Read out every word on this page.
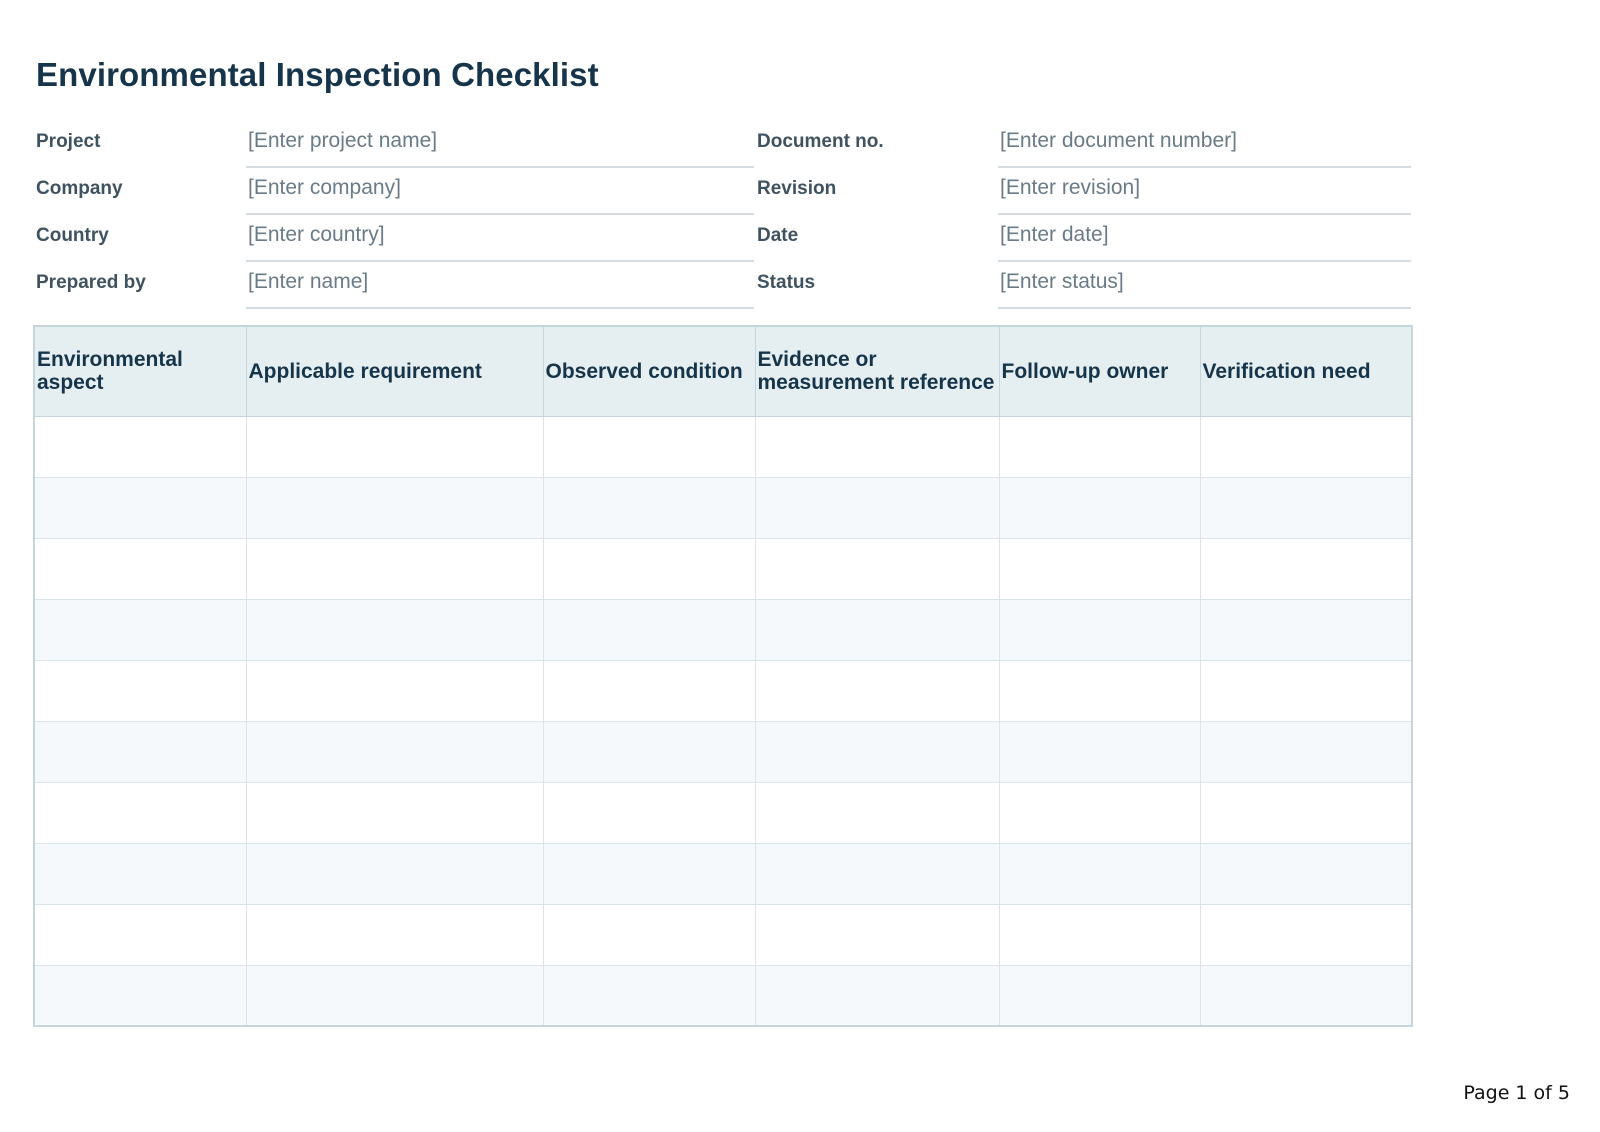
Environmental Inspection Checklist
Project	[Enter project name]
Company	[Enter company]
Country	[Enter country]
Prepared by	[Enter name]
Document no.	[Enter document number]
Revision	[Enter revision]
Date	[Enter date]
Status	[Enter status]
Environmental aspect	Applicable requirement	Observed condition	Evidence or measurement reference	Follow-up owner	Verification need

Page 1 of 5
